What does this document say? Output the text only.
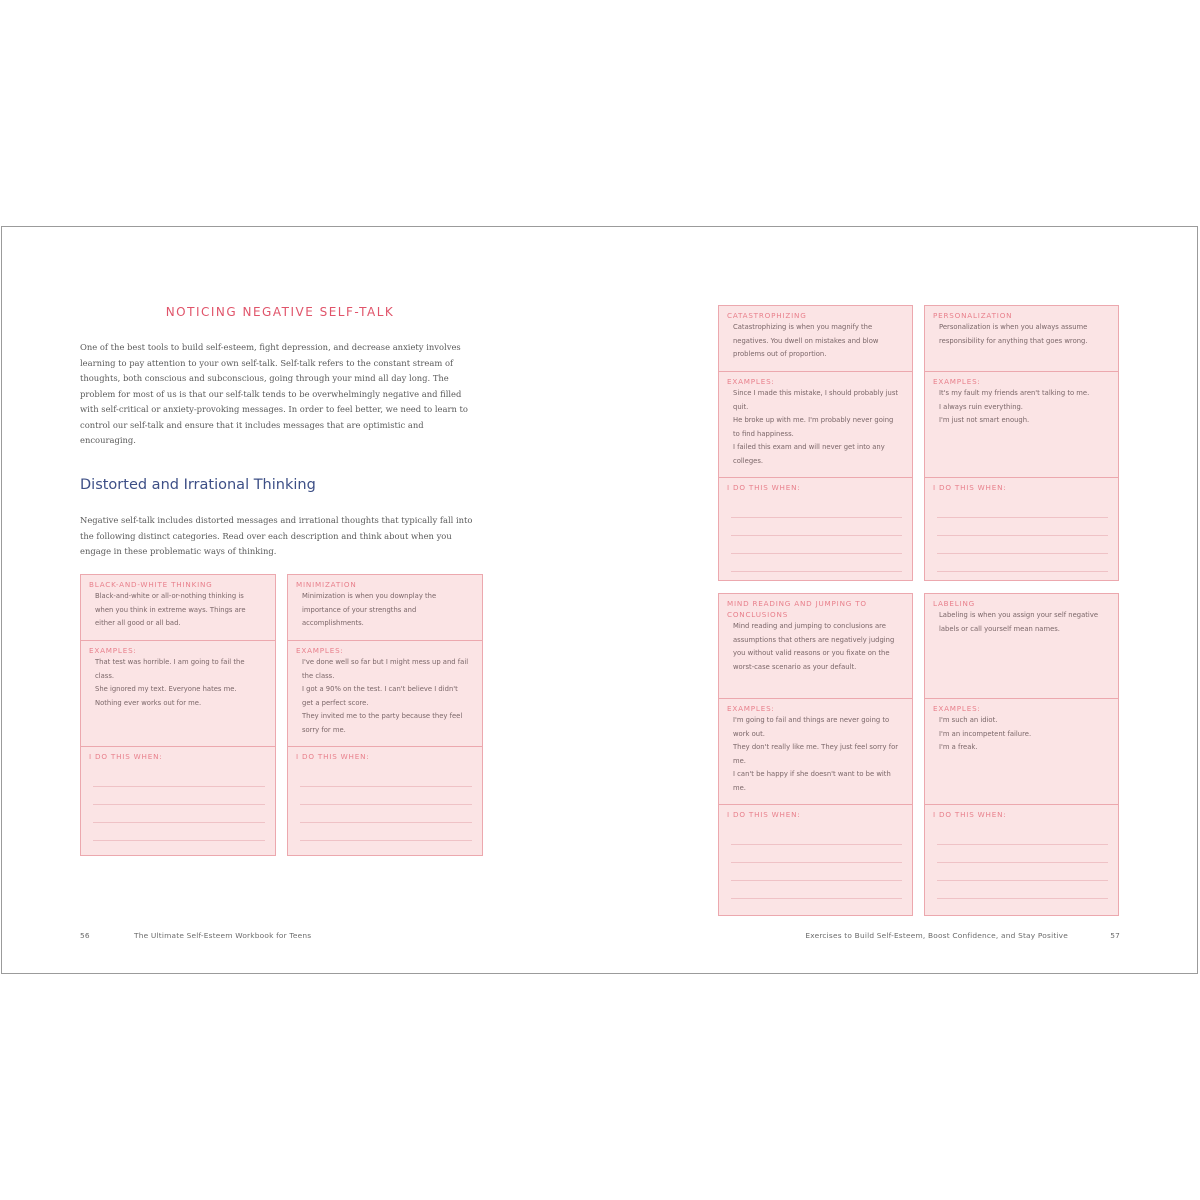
NOTICING NEGATIVE SELF-TALK

One of the best tools to build self-esteem, fight depression, and decrease anxiety involves learning to pay attention to your own self-talk. Self-talk refers to the constant stream of thoughts, both conscious and subconscious, going through your mind all day long. The problem for most of us is that our self-talk tends to be overwhelmingly negative and filled with self-critical or anxiety-provoking messages. In order to feel better, we need to learn to control our self-talk and ensure that it includes messages that are optimistic and encouraging.

Distorted and Irrational Thinking

Negative self-talk includes distorted messages and irrational thoughts that typically fall into the following distinct categories. Read over each description and think about when you engage in these problematic ways of thinking.

BLACK-AND-WHITE THINKING
Black-and-white or all-or-nothing thinking is when you think in extreme ways. Things are either all good or all bad.
EXAMPLES:
That test was horrible. I am going to fail the class.
She ignored my text. Everyone hates me.
Nothing ever works out for me.
I DO THIS WHEN:
MINIMIZATION
Minimization is when you downplay the importance of your strengths and accomplishments.
EXAMPLES:
I've done well so far but I might mess up and fail the class.
I got a 90% on the test. I can't believe I didn't get a perfect score.
They invited me to the party because they feel sorry for me.
I DO THIS WHEN:
CATASTROPHIZING
Catastrophizing is when you magnify the negatives. You dwell on mistakes and blow problems out of proportion.
EXAMPLES:
Since I made this mistake, I should probably just quit.
He broke up with me. I'm probably never going to find happiness.
I failed this exam and will never get into any colleges.
I DO THIS WHEN:
PERSONALIZATION
Personalization is when you always assume responsibility for anything that goes wrong.
EXAMPLES:
It's my fault my friends aren't talking to me.
I always ruin everything.
I'm just not smart enough.
I DO THIS WHEN:
MIND READING AND JUMPING TO CONCLUSIONS
Mind reading and jumping to conclusions are assumptions that others are negatively judging you without valid reasons or you fixate on the worst-case scenario as your default.
EXAMPLES:
I'm going to fail and things are never going to work out.
They don't really like me. They just feel sorry for me.
I can't be happy if she doesn't want to be with me.
I DO THIS WHEN:
LABELING
Labeling is when you assign your self negative labels or call yourself mean names.
EXAMPLES:
I'm such an idiot.
I'm an incompetent failure.
I'm a freak.
I DO THIS WHEN:

56	The Ultimate Self-Esteem Workbook for Teens	Exercises to Build Self-Esteem, Boost Confidence, and Stay Positive	57
